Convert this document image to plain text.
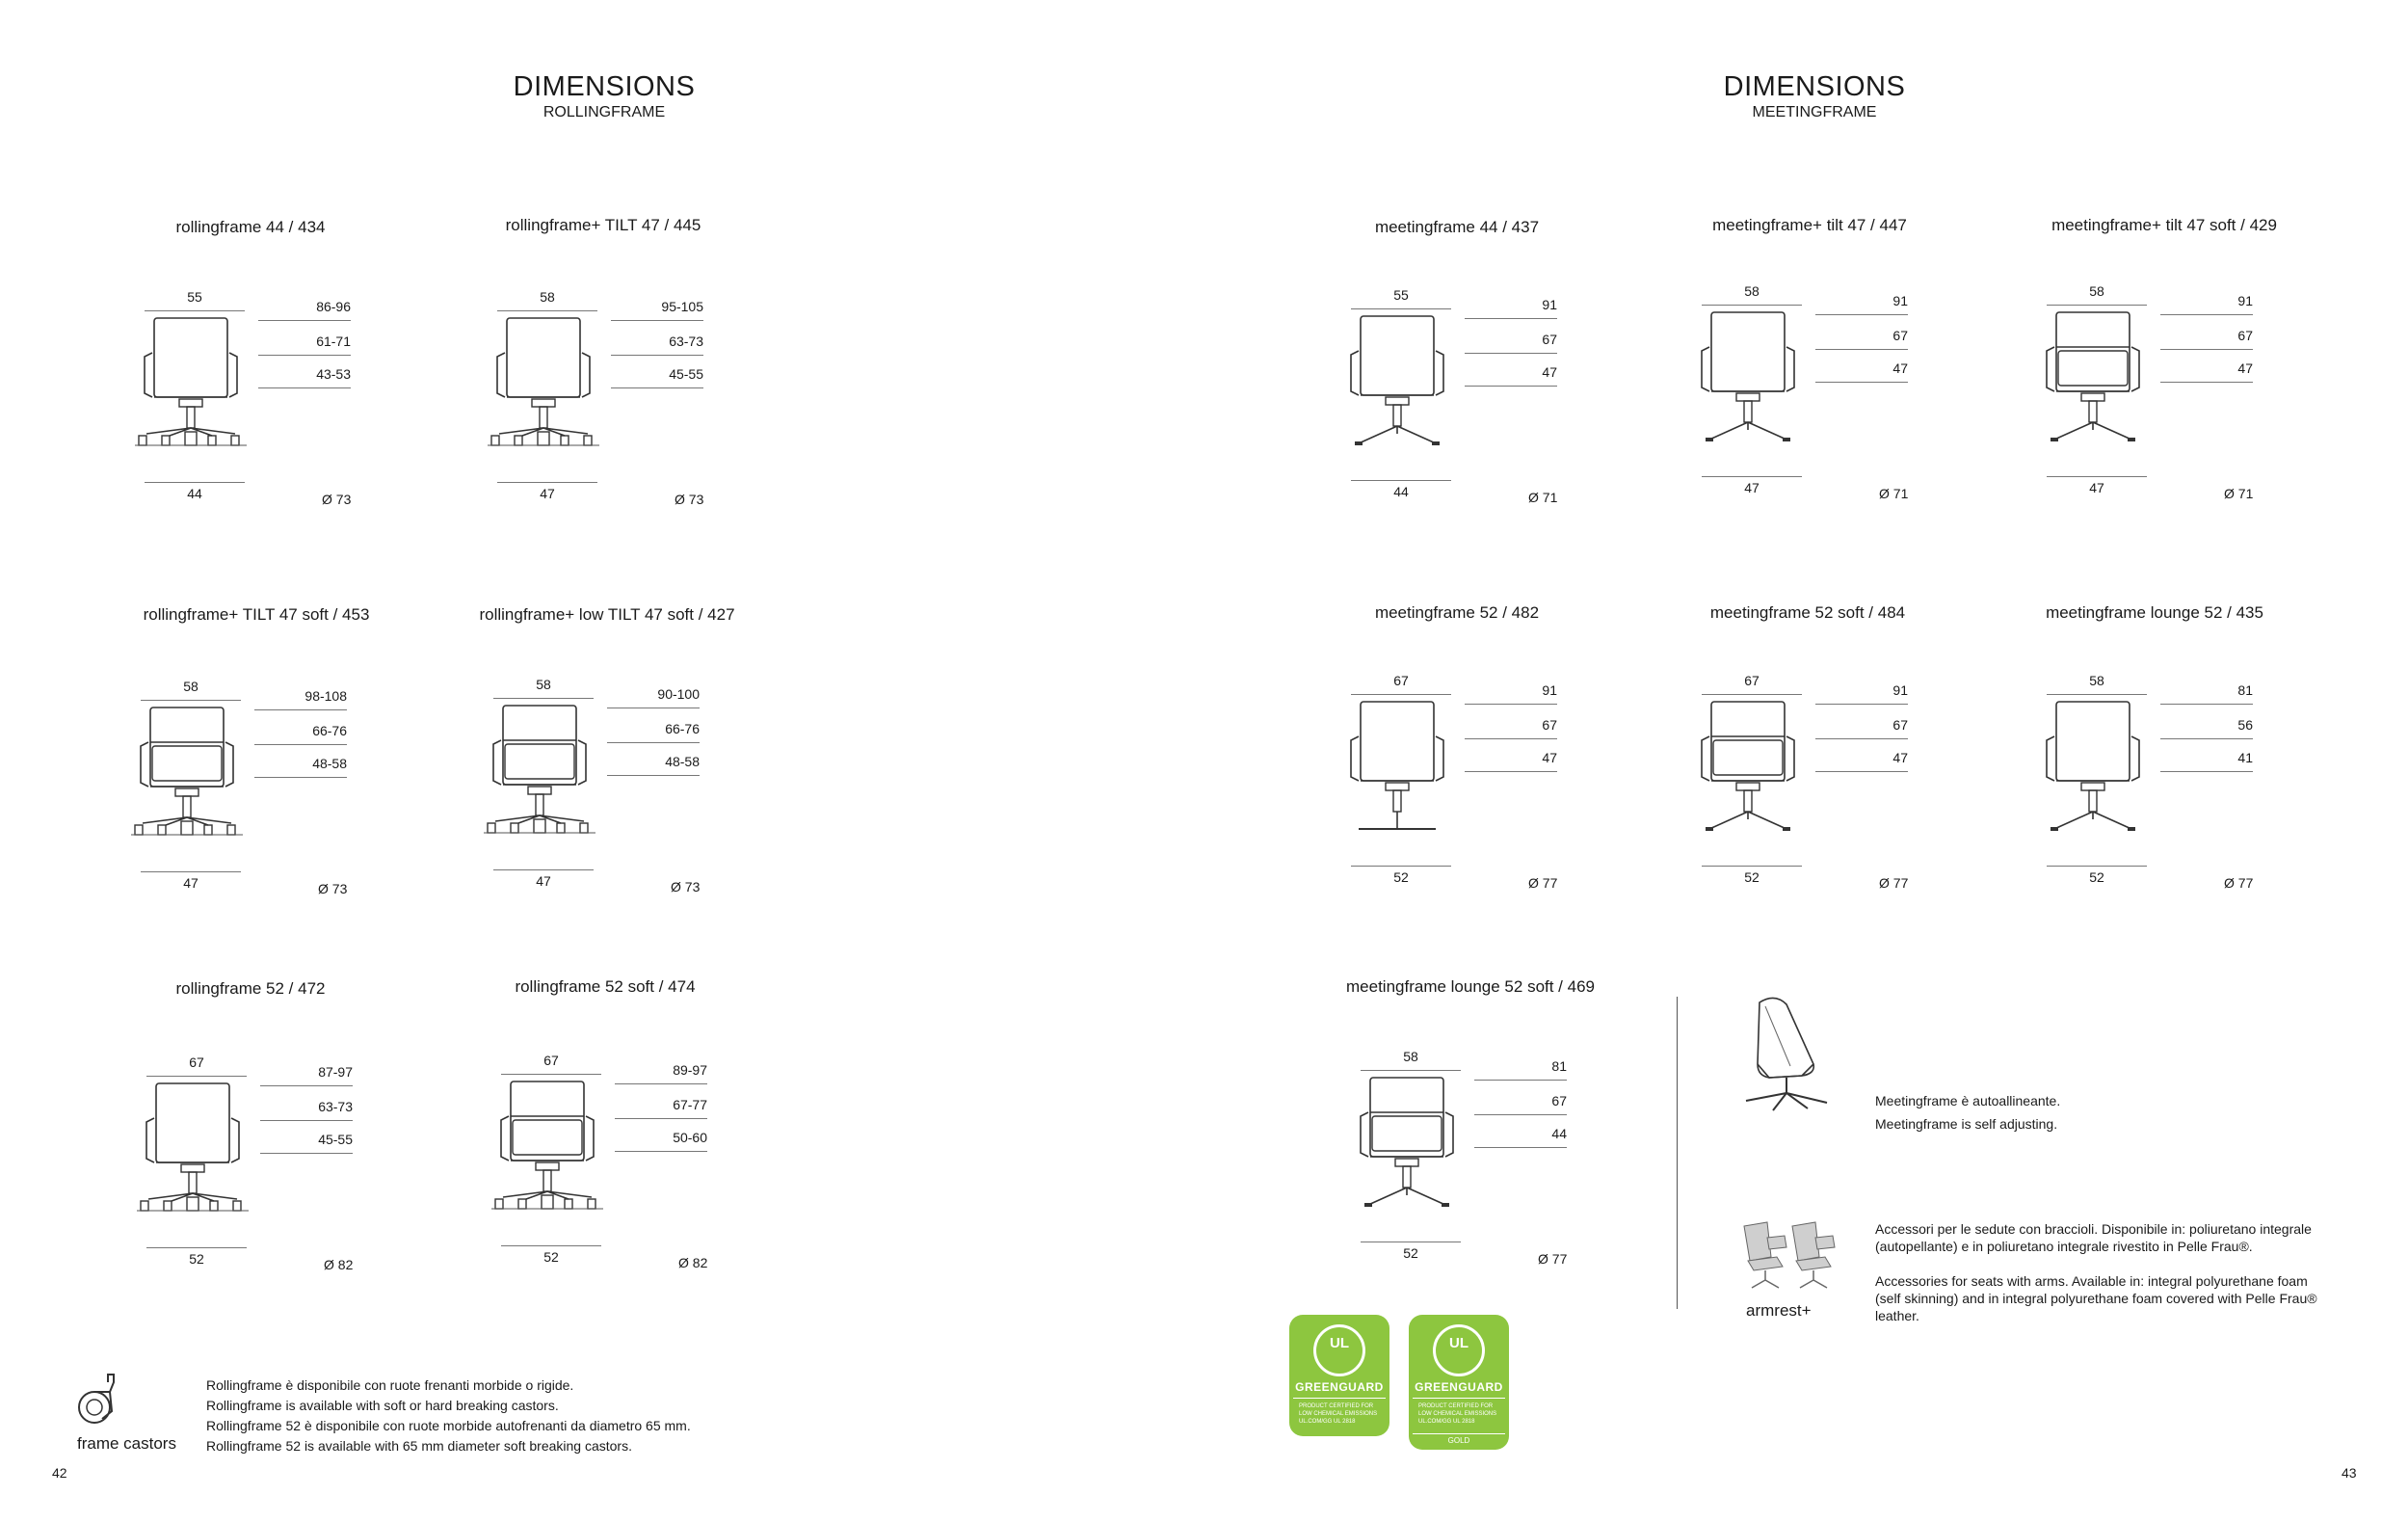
DIMENSIONS
ROLLINGFRAME
DIMENSIONS
MEETINGFRAME
rollingframe 44 / 434
55
86-96
61-71
43-53
44	Ø 73
rollingframe+ TILT 47 / 445
58
95-105
63-73
45-55
47	Ø 73
rollingframe+ TILT 47 soft / 453
58
98-108
66-76
48-58
47	Ø 73
rollingframe+ low TILT 47 soft / 427
58
90-100
66-76
48-58
47	Ø 73
rollingframe 52 / 472
67
87-97
63-73
45-55
52	Ø 82
rollingframe 52 soft / 474
67
89-97
67-77
50-60
52	Ø 82
meetingframe 44 / 437
55
91
67
47
44	Ø 71
meetingframe+ tilt 47 / 447
58
91
67
47
47	Ø 71
meetingframe+ tilt 47 soft / 429
58
91
67
47
47	Ø 71
meetingframe 52 / 482
67
91
67
47
52	Ø 77
meetingframe 52 soft / 484
67
91
67
47
52	Ø 77
meetingframe lounge 52 / 435
58
81
56
41
52	Ø 77
meetingframe lounge 52 soft / 469
58
81
67
44
52	Ø 77
frame castors
Rollingframe è disponibile con ruote frenanti morbide o rigide.
Rollingframe is available with soft or hard breaking castors.
Rollingframe 52 è disponibile con ruote morbide autofrenanti da diametro 65 mm.
Rollingframe 52 is available with 65 mm diameter soft breaking castors.
42	43
Meetingframe è autoallineante.
Meetingframe is self adjusting.
armrest+
Accessori per le sedute con braccioli. Disponibile in: poliuretano integrale (autopellante) e in poliuretano integrale rivestito in Pelle Frau®.
Accessories for seats with arms. Available in: integral polyurethane foam (self skinning) and in integral polyurethane foam covered with Pelle Frau® leather.
UL
GREENGUARD
PRODUCT CERTIFIED FOR LOW CHEMICAL EMISSIONS UL.COM/GG UL 2818
UL
GREENGUARD
PRODUCT CERTIFIED FOR LOW CHEMICAL EMISSIONS UL.COM/GG UL 2818
GOLD
